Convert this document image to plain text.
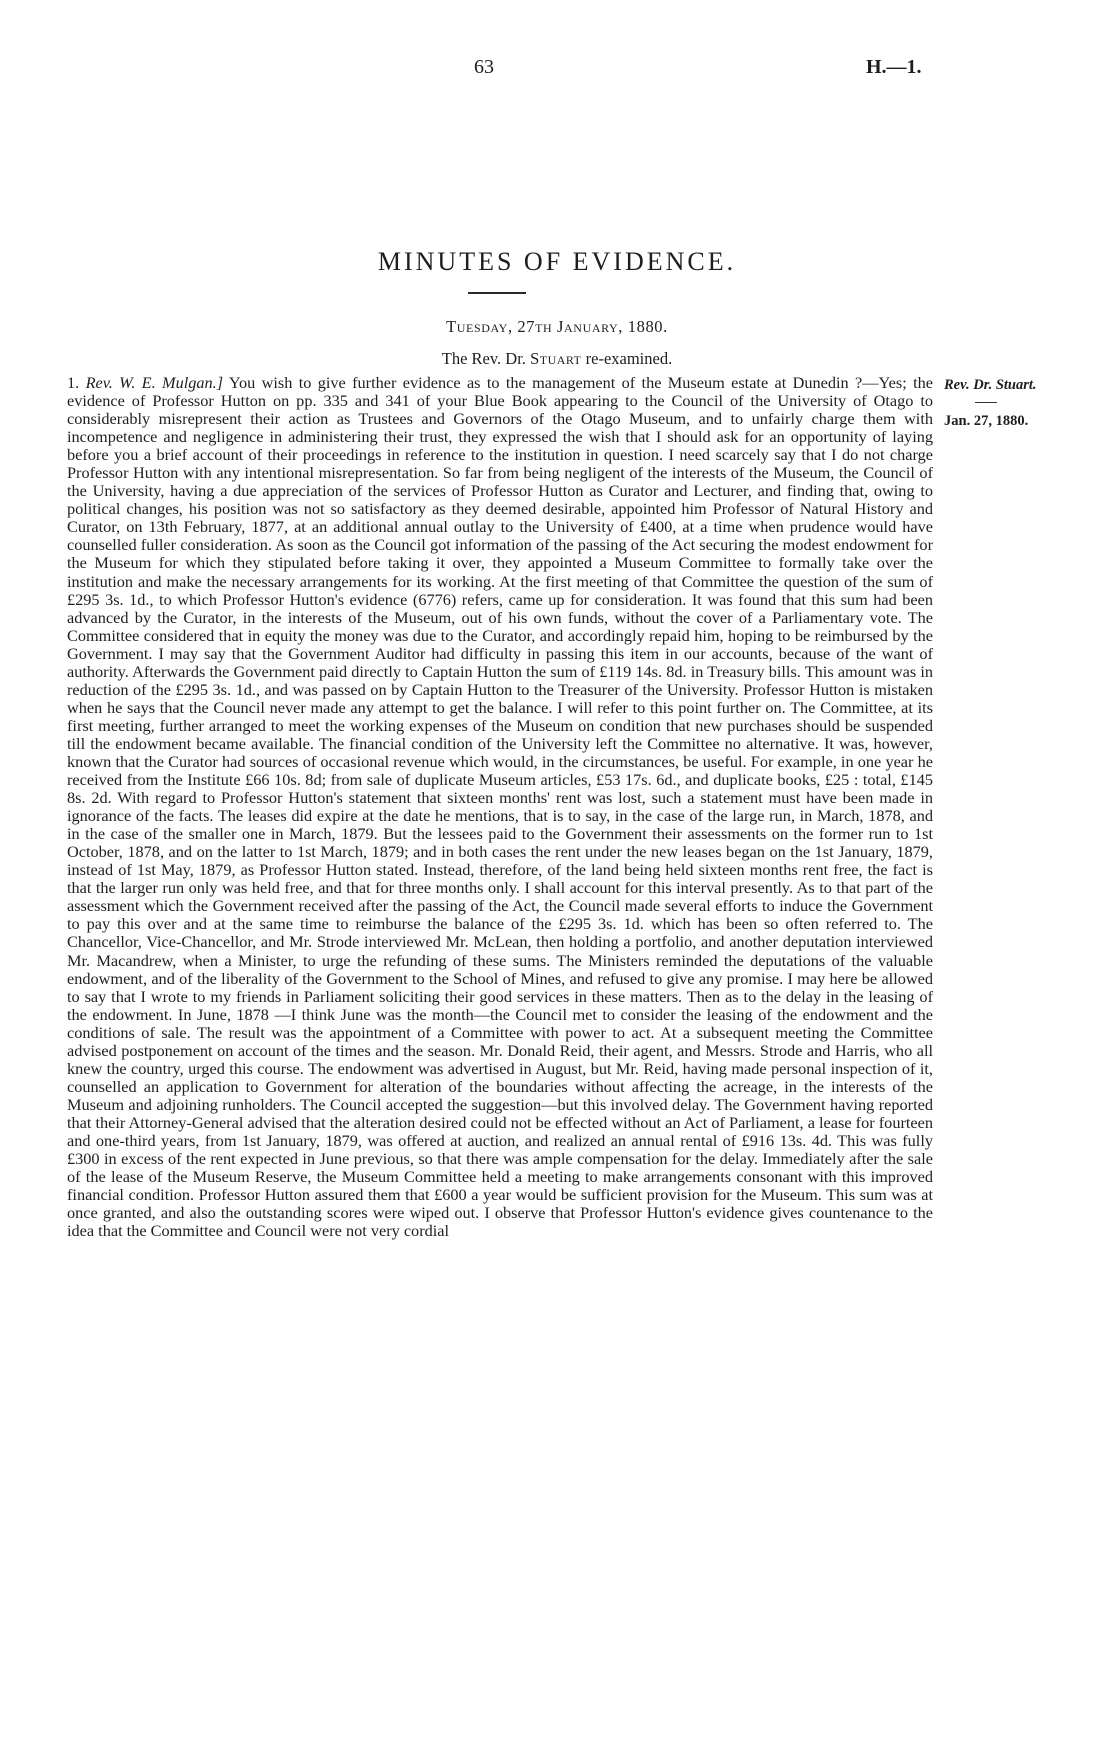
63	H.—1.
MINUTES OF EVIDENCE.
Tuesday, 27th January, 1880.
The Rev. Dr. Stuart re-examined.

1. Rev. W. E. Mulgan.] You wish to give further evidence as to the management of the Museum estate at Dunedin ?—Yes; the evidence of Professor Hutton on pp. 335 and 341 of your Blue Book appearing to the Council of the University of Otago to considerably misrepresent their action as Trustees and Governors of the Otago Museum, and to unfairly charge them with incompetence and negligence in administering their trust, they expressed the wish that I should ask for an opportunity of laying before you a brief account of their proceedings in reference to the institution in question. I need scarcely say that I do not charge Professor Hutton with any intentional misrepresentation. So far from being negligent of the interests of the Museum, the Council of the University, having a due appreciation of the services of Professor Hutton as Curator and Lecturer, and finding that, owing to political changes, his position was not so satisfactory as they deemed desirable, appointed him Professor of Natural History and Curator, on 13th February, 1877, at an additional annual outlay to the University of £400, at a time when prudence would have counselled fuller consideration. As soon as the Council got information of the passing of the Act securing the modest endowment for the Museum for which they stipulated before taking it over, they appointed a Museum Committee to formally take over the institution and make the necessary arrangements for its working. At the first meeting of that Committee the question of the sum of £295 3s. 1d., to which Professor Hutton's evidence (6776) refers, came up for consideration. It was found that this sum had been advanced by the Curator, in the interests of the Museum, out of his own funds, without the cover of a Parliamentary vote. The Committee considered that in equity the money was due to the Curator, and accordingly repaid him, hoping to be reimbursed by the Government. I may say that the Government Auditor had difficulty in passing this item in our accounts, because of the want of authority. Afterwards the Government paid directly to Captain Hutton the sum of £119 14s. 8d. in Treasury bills. This amount was in reduction of the £295 3s. 1d., and was passed on by Captain Hutton to the Treasurer of the University. Professor Hutton is mistaken when he says that the Council never made any attempt to get the balance. I will refer to this point further on. The Committee, at its first meeting, further arranged to meet the working expenses of the Museum on condition that new purchases should be suspended till the endowment became available. The financial condition of the University left the Committee no alternative. It was, however, known that the Curator had sources of occasional revenue which would, in the circumstances, be useful. For example, in one year he received from the Institute £66 10s. 8d; from sale of duplicate Museum articles, £53 17s. 6d., and duplicate books, £25 : total, £145 8s. 2d. With regard to Professor Hutton's statement that sixteen months' rent was lost, such a statement must have been made in ignorance of the facts. The leases did expire at the date he mentions, that is to say, in the case of the large run, in March, 1878, and in the case of the smaller one in March, 1879. But the lessees paid to the Government their assessments on the former run to 1st October, 1878, and on the latter to 1st March, 1879; and in both cases the rent under the new leases began on the 1st January, 1879, instead of 1st May, 1879, as Professor Hutton stated. Instead, therefore, of the land being held sixteen months rent free, the fact is that the larger run only was held free, and that for three months only. I shall account for this interval presently. As to that part of the assessment which the Government received after the passing of the Act, the Council made several efforts to induce the Government to pay this over and at the same time to reimburse the balance of the £295 3s. 1d. which has been so often referred to. The Chancellor, Vice-Chancellor, and Mr. Strode interviewed Mr. McLean, then holding a portfolio, and another deputation interviewed Mr. Macandrew, when a Minister, to urge the refunding of these sums. The Ministers reminded the deputations of the valuable endowment, and of the liberality of the Government to the School of Mines, and refused to give any promise. I may here be allowed to say that I wrote to my friends in Parliament soliciting their good services in these matters. Then as to the delay in the leasing of the endowment. In June, 1878 —I think June was the month—the Council met to consider the leasing of the endowment and the conditions of sale. The result was the appointment of a Committee with power to act. At a subsequent meeting the Committee advised postponement on account of the times and the season. Mr. Donald Reid, their agent, and Messrs. Strode and Harris, who all knew the country, urged this course. The endowment was advertised in August, but Mr. Reid, having made personal inspection of it, counselled an application to Government for alteration of the boundaries without affecting the acreage, in the interests of the Museum and adjoining runholders. The Council accepted the suggestion—but this involved delay. The Government having reported that their Attorney-General advised that the alteration desired could not be effected without an Act of Parliament, a lease for fourteen and one-third years, from 1st January, 1879, was offered at auction, and realized an annual rental of £916 13s. 4d. This was fully £300 in excess of the rent expected in June previous, so that there was ample compensation for the delay. Immediately after the sale of the lease of the Museum Reserve, the Museum Committee held a meeting to make arrangements consonant with this improved financial condition. Professor Hutton assured them that £600 a year would be sufficient provision for the Museum. This sum was at once granted, and also the outstanding scores were wiped out. I observe that Professor Hutton's evidence gives countenance to the idea that the Committee and Council were not very cordial

Rev. Dr. Stuart.
Jan. 27, 1880.
